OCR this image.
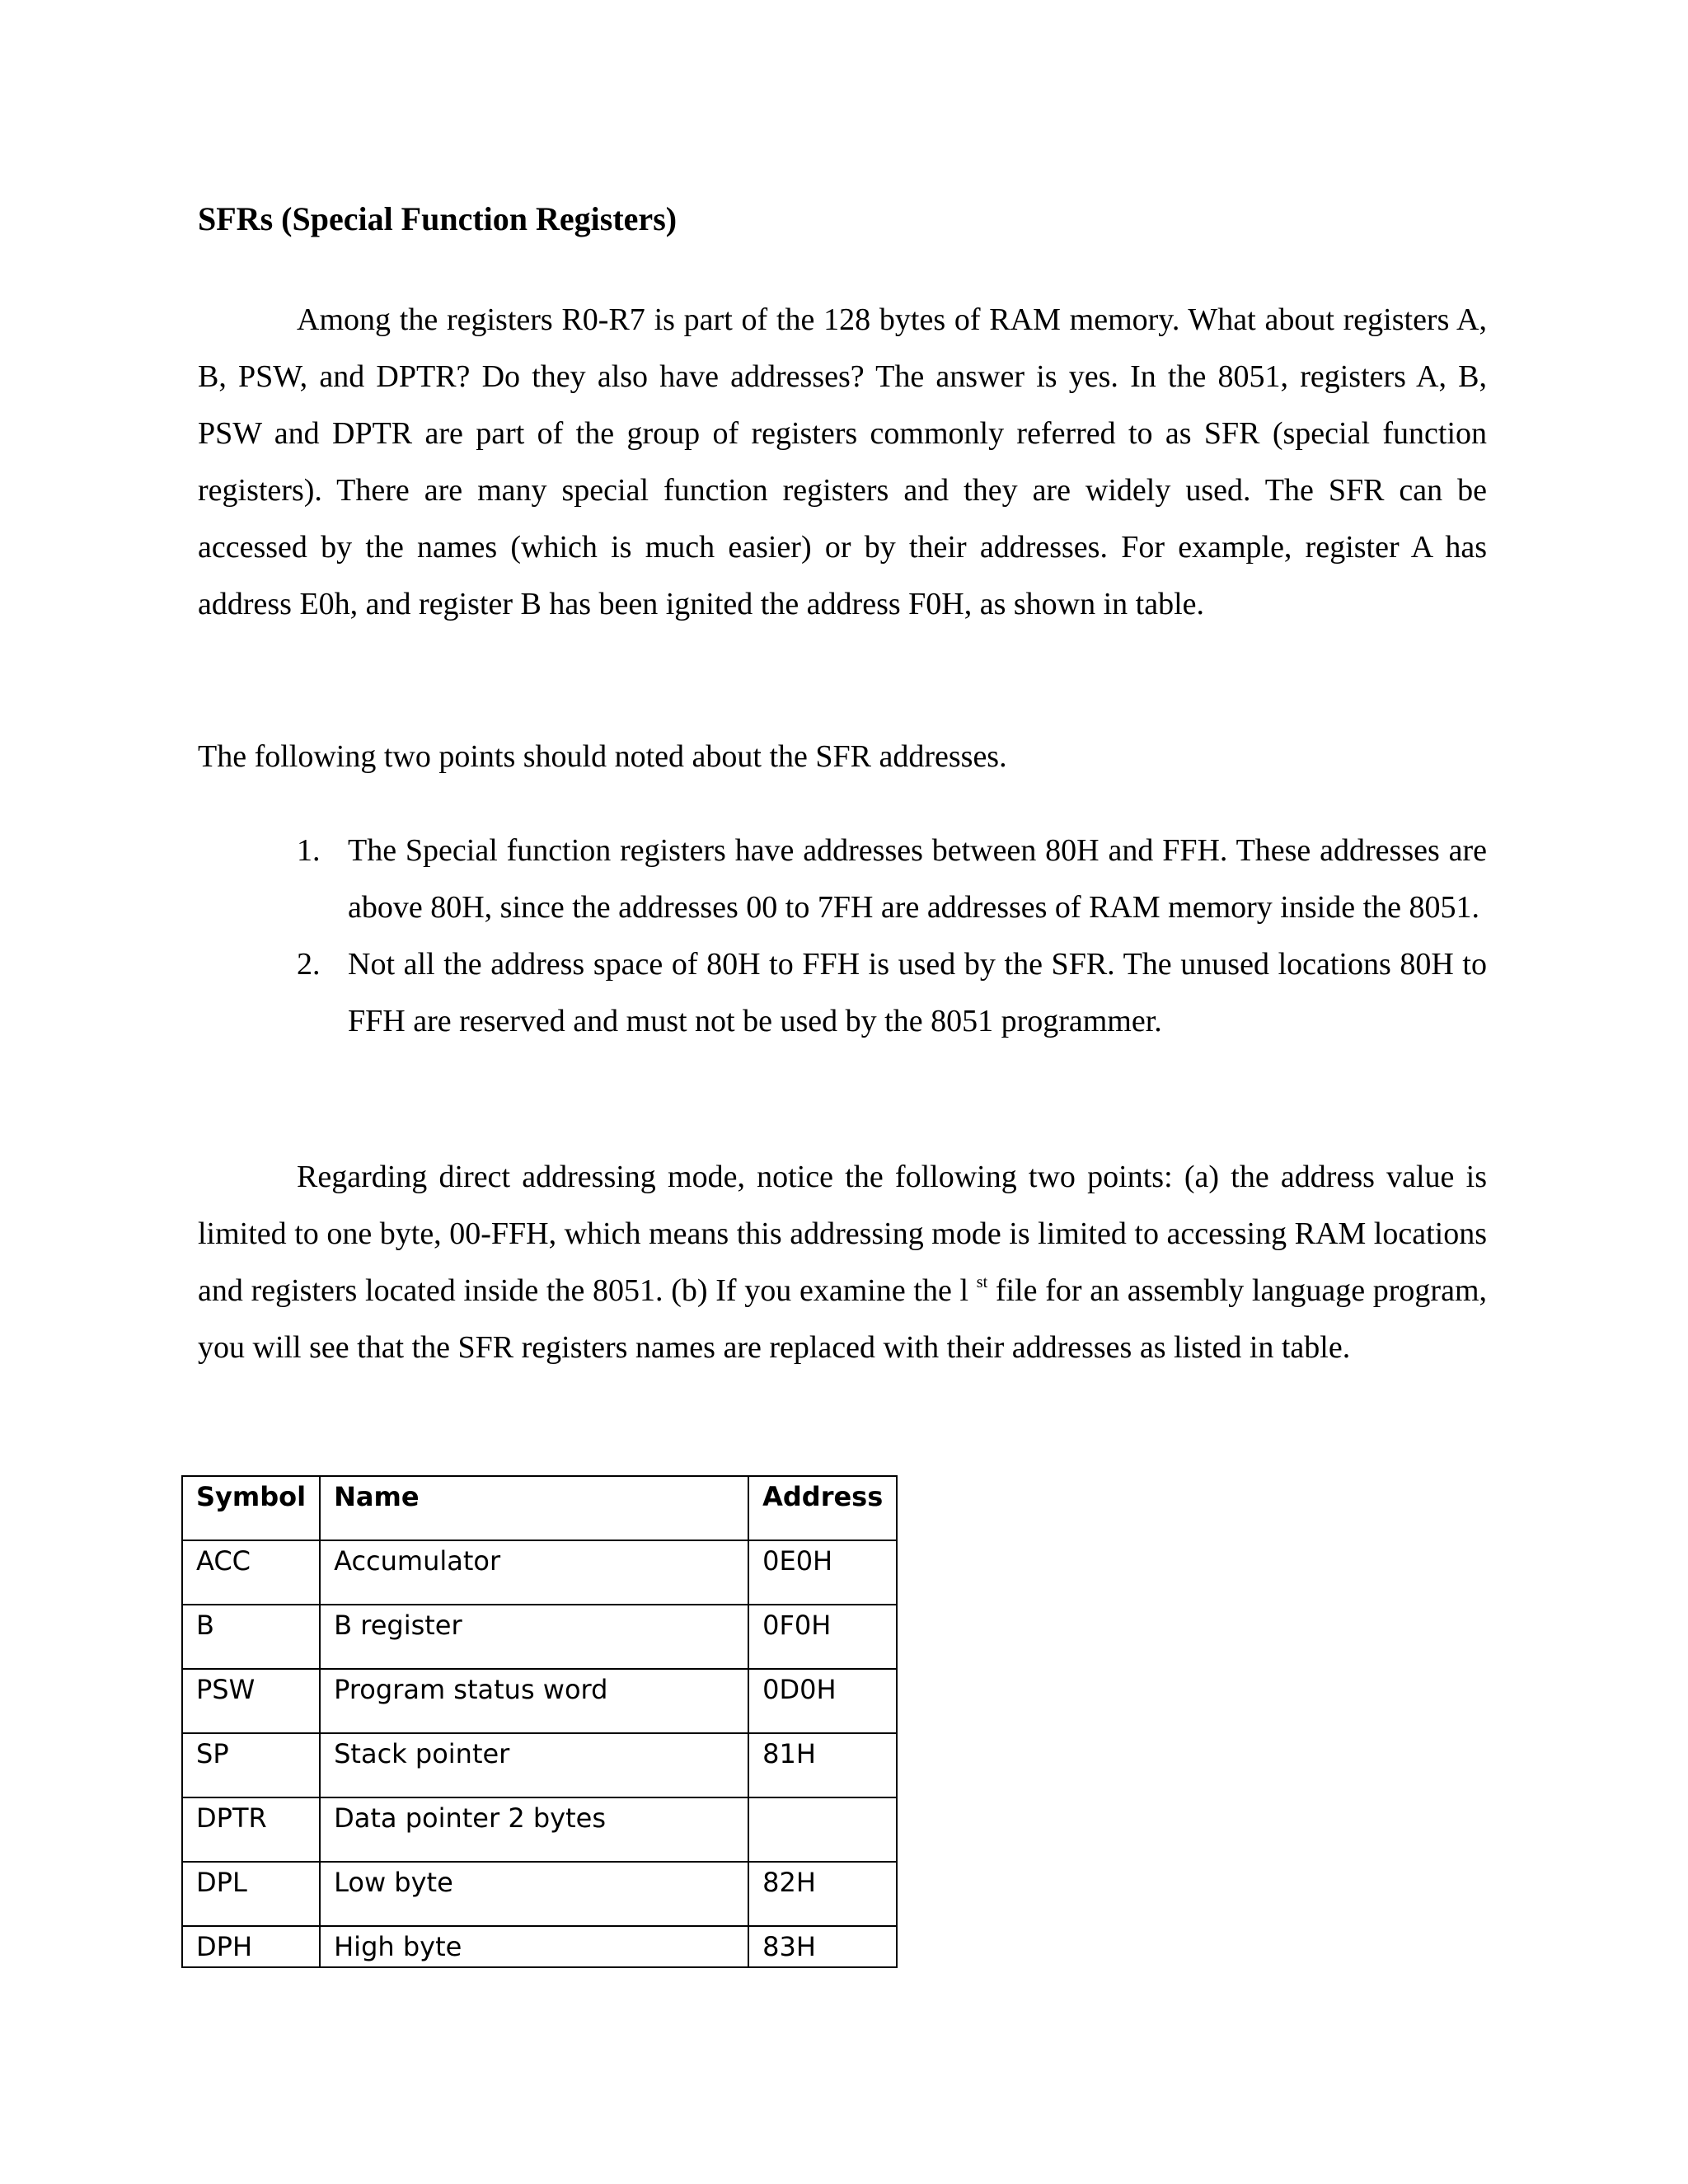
SFRs (Special Function Registers)

Among the registers R0-R7 is part of the 128 bytes of RAM memory. What about registers A, B, PSW, and DPTR? Do they also have addresses? The answer is yes. In the 8051, registers A, B, PSW and DPTR are part of the group of registers commonly referred to as SFR (special function registers). There are many special function registers and they are widely used. The SFR can be accessed by the names (which is much easier) or by their addresses. For example, register A has address E0h, and register B has been ignited the address F0H, as shown in table.

The following two points should noted about the SFR addresses.

1. The Special function registers have addresses between 80H and FFH. These addresses are above 80H, since the addresses 00 to 7FH are addresses of RAM memory inside the 8051.
2. Not all the address space of 80H to FFH is used by the SFR. The unused locations 80H to FFH are reserved and must not be used by the 8051 programmer.

Regarding direct addressing mode, notice the following two points: (a) the address value is limited to one byte, 00-FFH, which means this addressing mode is limited to accessing RAM locations and registers located inside the 8051. (b) If you examine the l $^{st}$ file for an assembly language program, you will see that the SFR registers names are replaced with their addresses as listed in table.

Symbol	Name	Address
ACC	Accumulator	0E0H
B	B register	0F0H
PSW	Program status word	0D0H
SP	Stack pointer	81H
DPTR	Data pointer 2 bytes	
DPL	Low byte	82H
DPH	High byte	83H
